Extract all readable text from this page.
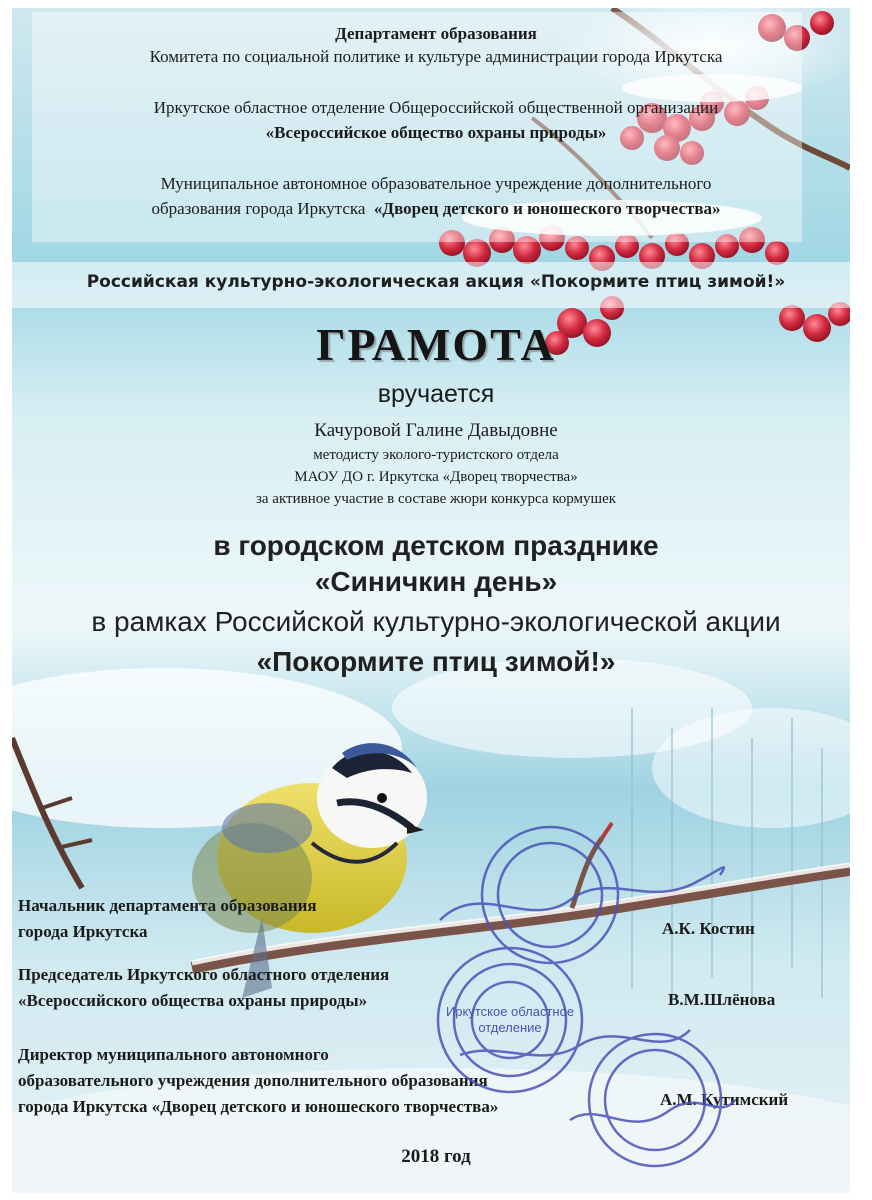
Департамент образования

Комитета по социальной политике и культуре администрации города Иркутска

Иркутское областное отделение Общероссийской общественной организации

«Всероссийское общество охраны природы»

Муниципальное автономное образовательное учреждение дополнительного

образования города Иркутска  «Дворец детского и юношеского творчества»

Российская культурно-экологическая акция «Покормите птиц зимой!»
ГРАМОТА
вручается
Качуровой Галине Давыдовне
методисту эколого-туристского отдела
МАОУ ДО г. Иркутска «Дворец творчества»
за активное участие в составе жюри конкурса кормушек
в городском детском празднике
«Синичкин день»
в рамках Российской культурно-экологической акции
«Покормите птиц зимой!»
Начальник департамента образования
города Иркутска	А.К. Костин
Председатель Иркутского областного отделения
«Всероссийского общества охраны природы»	В.М.Шлёнова
Директор муниципального автономного
образовательного учреждения дополнительного образования
города Иркутска «Дворец детского и юношеского творчества»	А.М. Кутимский
Иркутское областное
отделение
2018 год
